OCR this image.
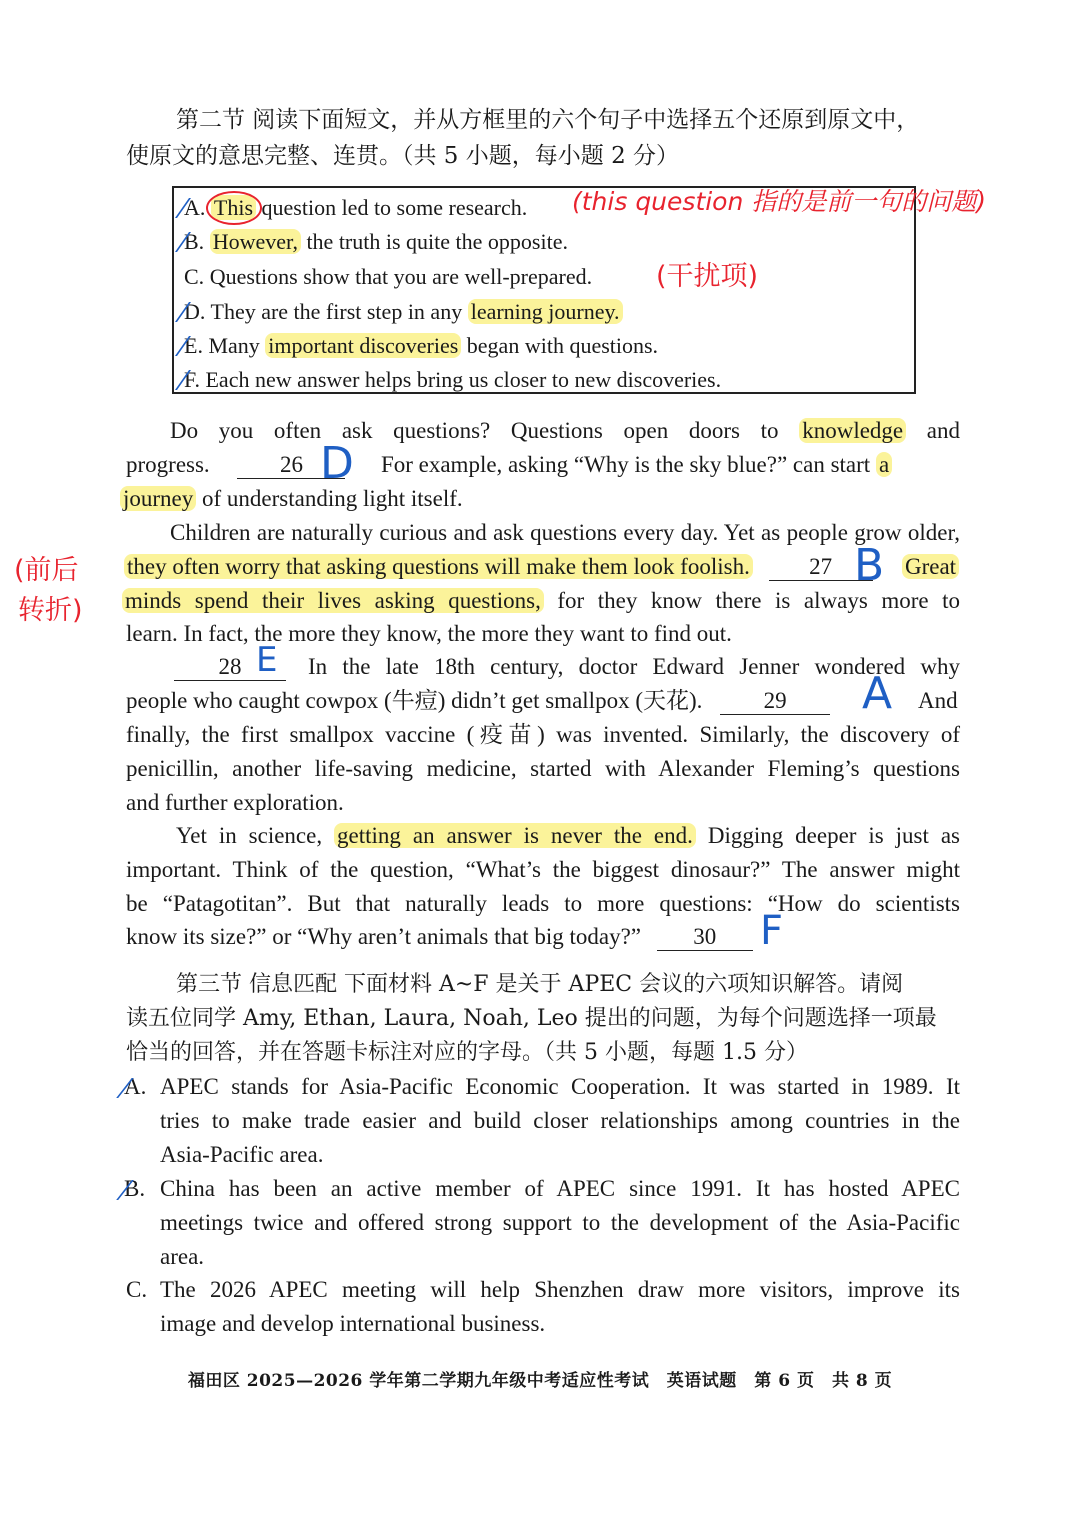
第二节 阅读下面短文，并从方框里的六个句子中选择五个还原到原文中，
使原文的意思完整、连贯。（共 5 小题，每小题 2 分）
A. This question led to some research.
B. However, the truth is quite the opposite.
C. Questions show that you are well-prepared.
D. They are the first step in any learning journey.
E. Many important discoveries began with questions.
F. Each new answer helps bring us closer to new discoveries.
(this question 指的是前一句的问题)
(干扰项)
(前后
转折)
Do you often ask questions? Questions open doors to knowledge and
progress.	26	For example, asking “Why is the sky blue?” can start a
D
journey of understanding light itself.
Children are naturally curious and ask questions every day. Yet as people grow older,
they often worry that asking questions will make them look foolish.	27 B Great
minds spend their lives asking questions, for they know there is always more to
learn. In fact, the more they know, the more they want to find out.
28 E In the late 18th century, doctor Edward Jenner wondered why
people who caught cowpox (牛痘) didn’t get smallpox (天花).	29	A And
finally, the first smallpox vaccine (疫苗) was invented. Similarly, the discovery of
penicillin, another life-saving medicine, started with Alexander Fleming’s questions
and further exploration.
Yet in science, getting an answer is never the end. Digging deeper is just as
important. Think of the question, “What’s the biggest dinosaur?” The answer might
be “Patagotitan”. But that naturally leads to more questions: “How do scientists
know its size?” or “Why aren’t animals that big today?” 30	F
第三节 信息匹配 下面材料 A~F 是关于 APEC 会议的六项知识解答。请阅
读五位同学 Amy, Ethan, Laura, Noah, Leo 提出的问题，为每个问题选择一项最
恰当的回答，并在答题卡标注对应的字母。（共 5 小题，每题 1.5 分）
A. APEC stands for Asia-Pacific Economic Cooperation. It was started in 1989. It
tries to make trade easier and build closer relationships among countries in the
Asia-Pacific area.
B. China has been an active member of APEC since 1991. It has hosted APEC
meetings twice and offered strong support to the development of the Asia-Pacific
area.
C. The 2026 APEC meeting will help Shenzhen draw more visitors, improve its
image and develop international business.
福田区 2025—2026 学年第二学期九年级中考适应性考试　英语试题　第 6 页　共 8 页
